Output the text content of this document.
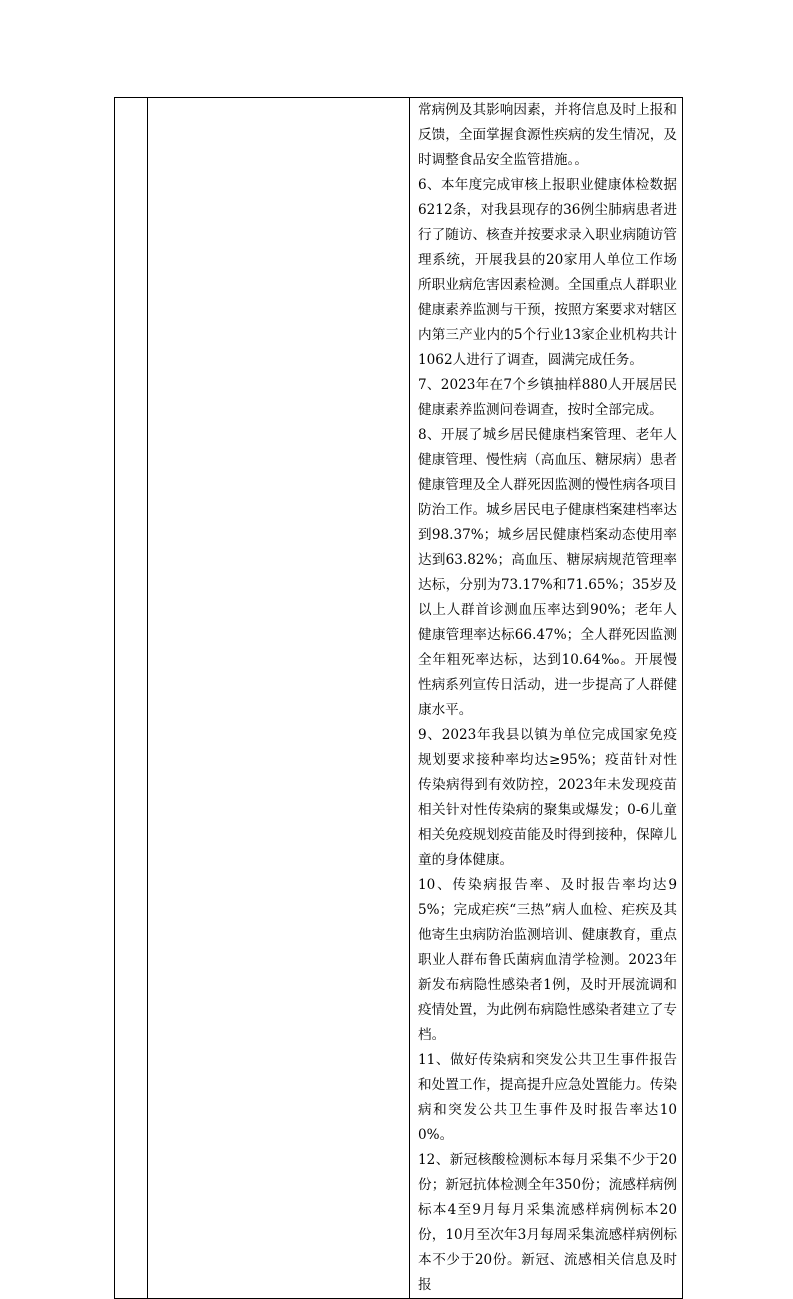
常病例及其影响因素，并将信息及时上报和反馈，全面掌握食源性疾病的发生情况，及时调整食品安全监管措施。。

6、本年度完成审核上报职业健康体检数据6212条，对我县现存的36例尘肺病患者进行了随访、核查并按要求录入职业病随访管理系统，开展我县的20家用人单位工作场所职业病危害因素检测。全国重点人群职业健康素养监测与干预，按照方案要求对辖区内第三产业内的5个行业13家企业机构共计1062人进行了调查，圆满完成任务。

7、2023年在7个乡镇抽样880人开展居民健康素养监测问卷调查，按时全部完成。

8、开展了城乡居民健康档案管理、老年人健康管理、慢性病（高血压、糖尿病）患者健康管理及全人群死因监测的慢性病各项目防治工作。城乡居民电子健康档案建档率达到98.37%；城乡居民健康档案动态使用率达到63.82%；高血压、糖尿病规范管理率达标，分别为73.17%和71.65%；35岁及以上人群首诊测血压率达到90%；老年人健康管理率达标66.47%；全人群死因监测全年粗死率达标，达到10.64‰。开展慢性病系列宣传日活动，进一步提高了人群健康水平。

9、2023年我县以镇为单位完成国家免疫规划要求接种率均达≥95%；疫苗针对性传染病得到有效防控，2023年未发现疫苗相关针对性传染病的聚集或爆发；0-6儿童相关免疫规划疫苗能及时得到接种，保障儿童的身体健康。

10、传染病报告率、及时报告率均达95%；完成疟疾“三热”病人血检、疟疾及其他寄生虫病防治监测培训、健康教育，重点职业人群布鲁氏菌病血清学检测。2023年新发布病隐性感染者1例，及时开展流调和疫情处置，为此例布病隐性感染者建立了专档。

11、做好传染病和突发公共卫生事件报告和处置工作，提高提升应急处置能力。传染病和突发公共卫生事件及时报告率达100%。

12、新冠核酸检测标本每月采集不少于20份；新冠抗体检测全年350份；流感样病例标本4至9月每月采集流感样病例标本20份，10月至次年3月每周采集流感样病例标本不少于20份。新冠、流感相关信息及时报
